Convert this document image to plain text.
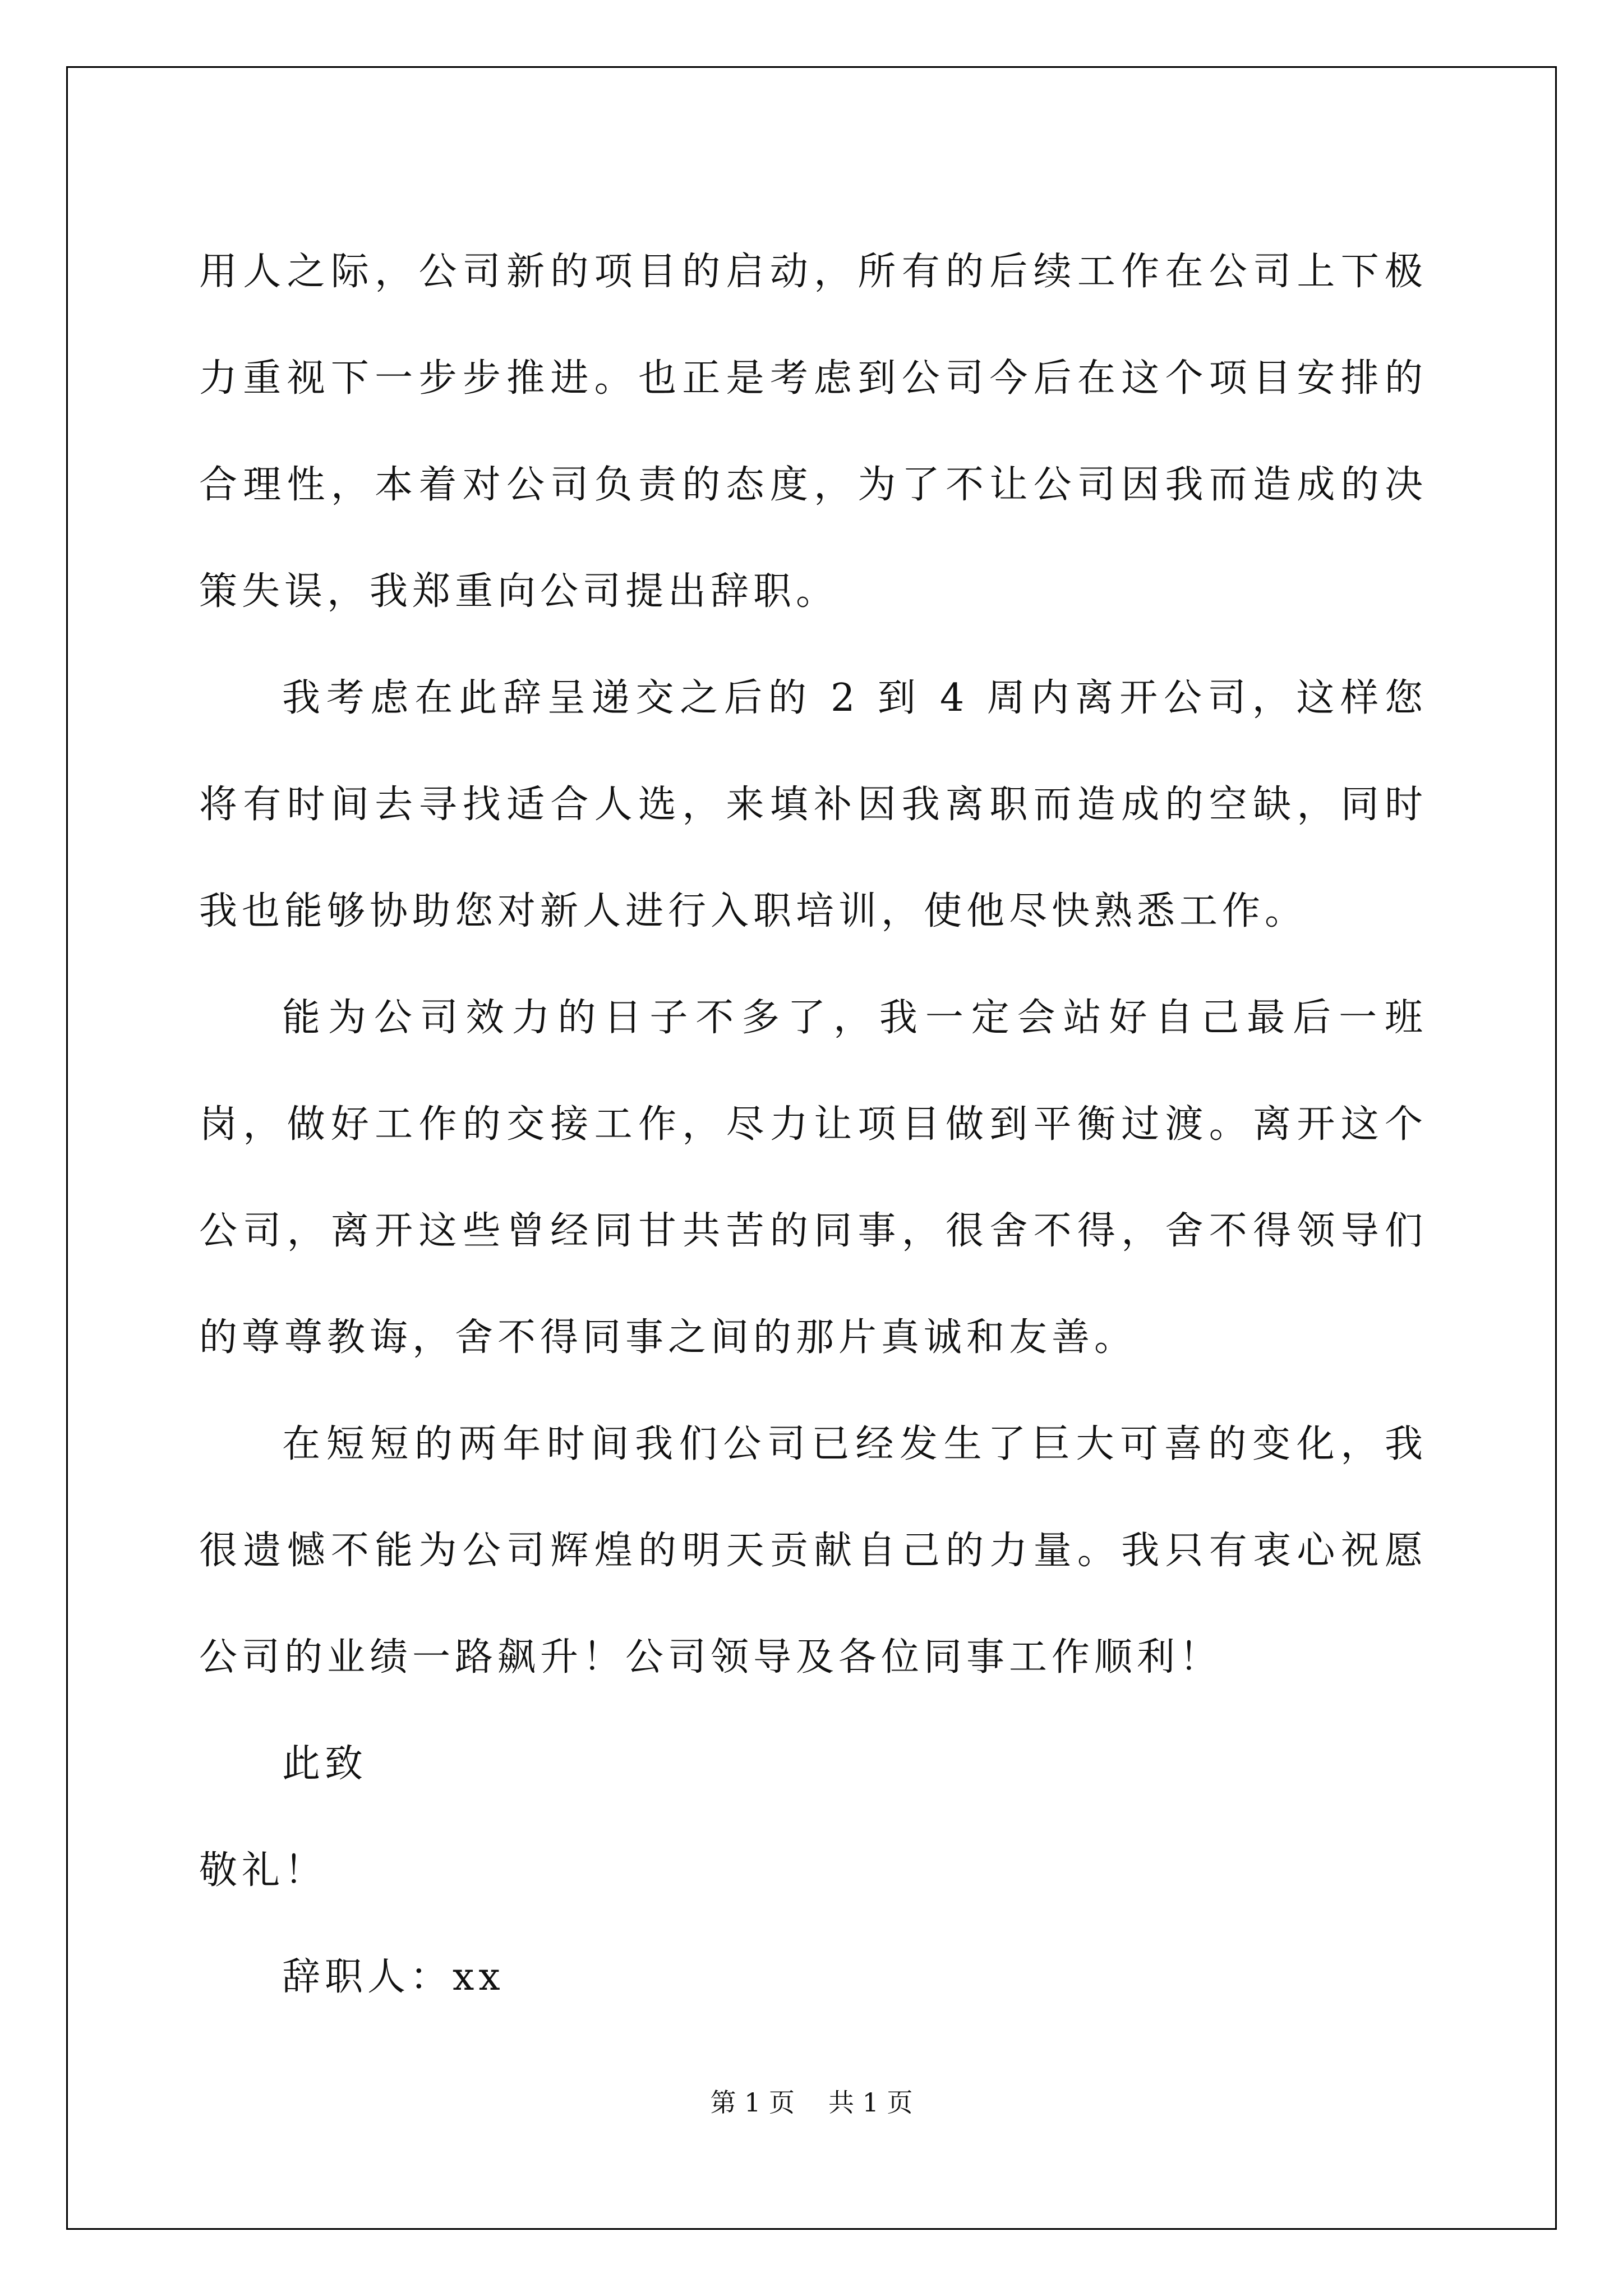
用人之际，公司新的项目的启动，所有的后续工作在公司上下极力重视下一步步推进。也正是考虑到公司今后在这个项目安排的合理性，本着对公司负责的态度，为了不让公司因我而造成的决策失误，我郑重向公司提出辞职。

我考虑在此辞呈递交之后的 2 到 4 周内离开公司，这样您将有时间去寻找适合人选，来填补因我离职而造成的空缺，同时我也能够协助您对新人进行入职培训，使他尽快熟悉工作。

能为公司效力的日子不多了，我一定会站好自己最后一班岗，做好工作的交接工作，尽力让项目做到平衡过渡。离开这个公司，离开这些曾经同甘共苦的同事，很舍不得，舍不得领导们的尊尊教诲，舍不得同事之间的那片真诚和友善。

在短短的两年时间我们公司已经发生了巨大可喜的变化，我很遗憾不能为公司辉煌的明天贡献自己的力量。我只有衷心祝愿公司的业绩一路飙升！公司领导及各位同事工作顺利！

此致

敬礼！

辞职人：xx

第 1 页 共 1 页
